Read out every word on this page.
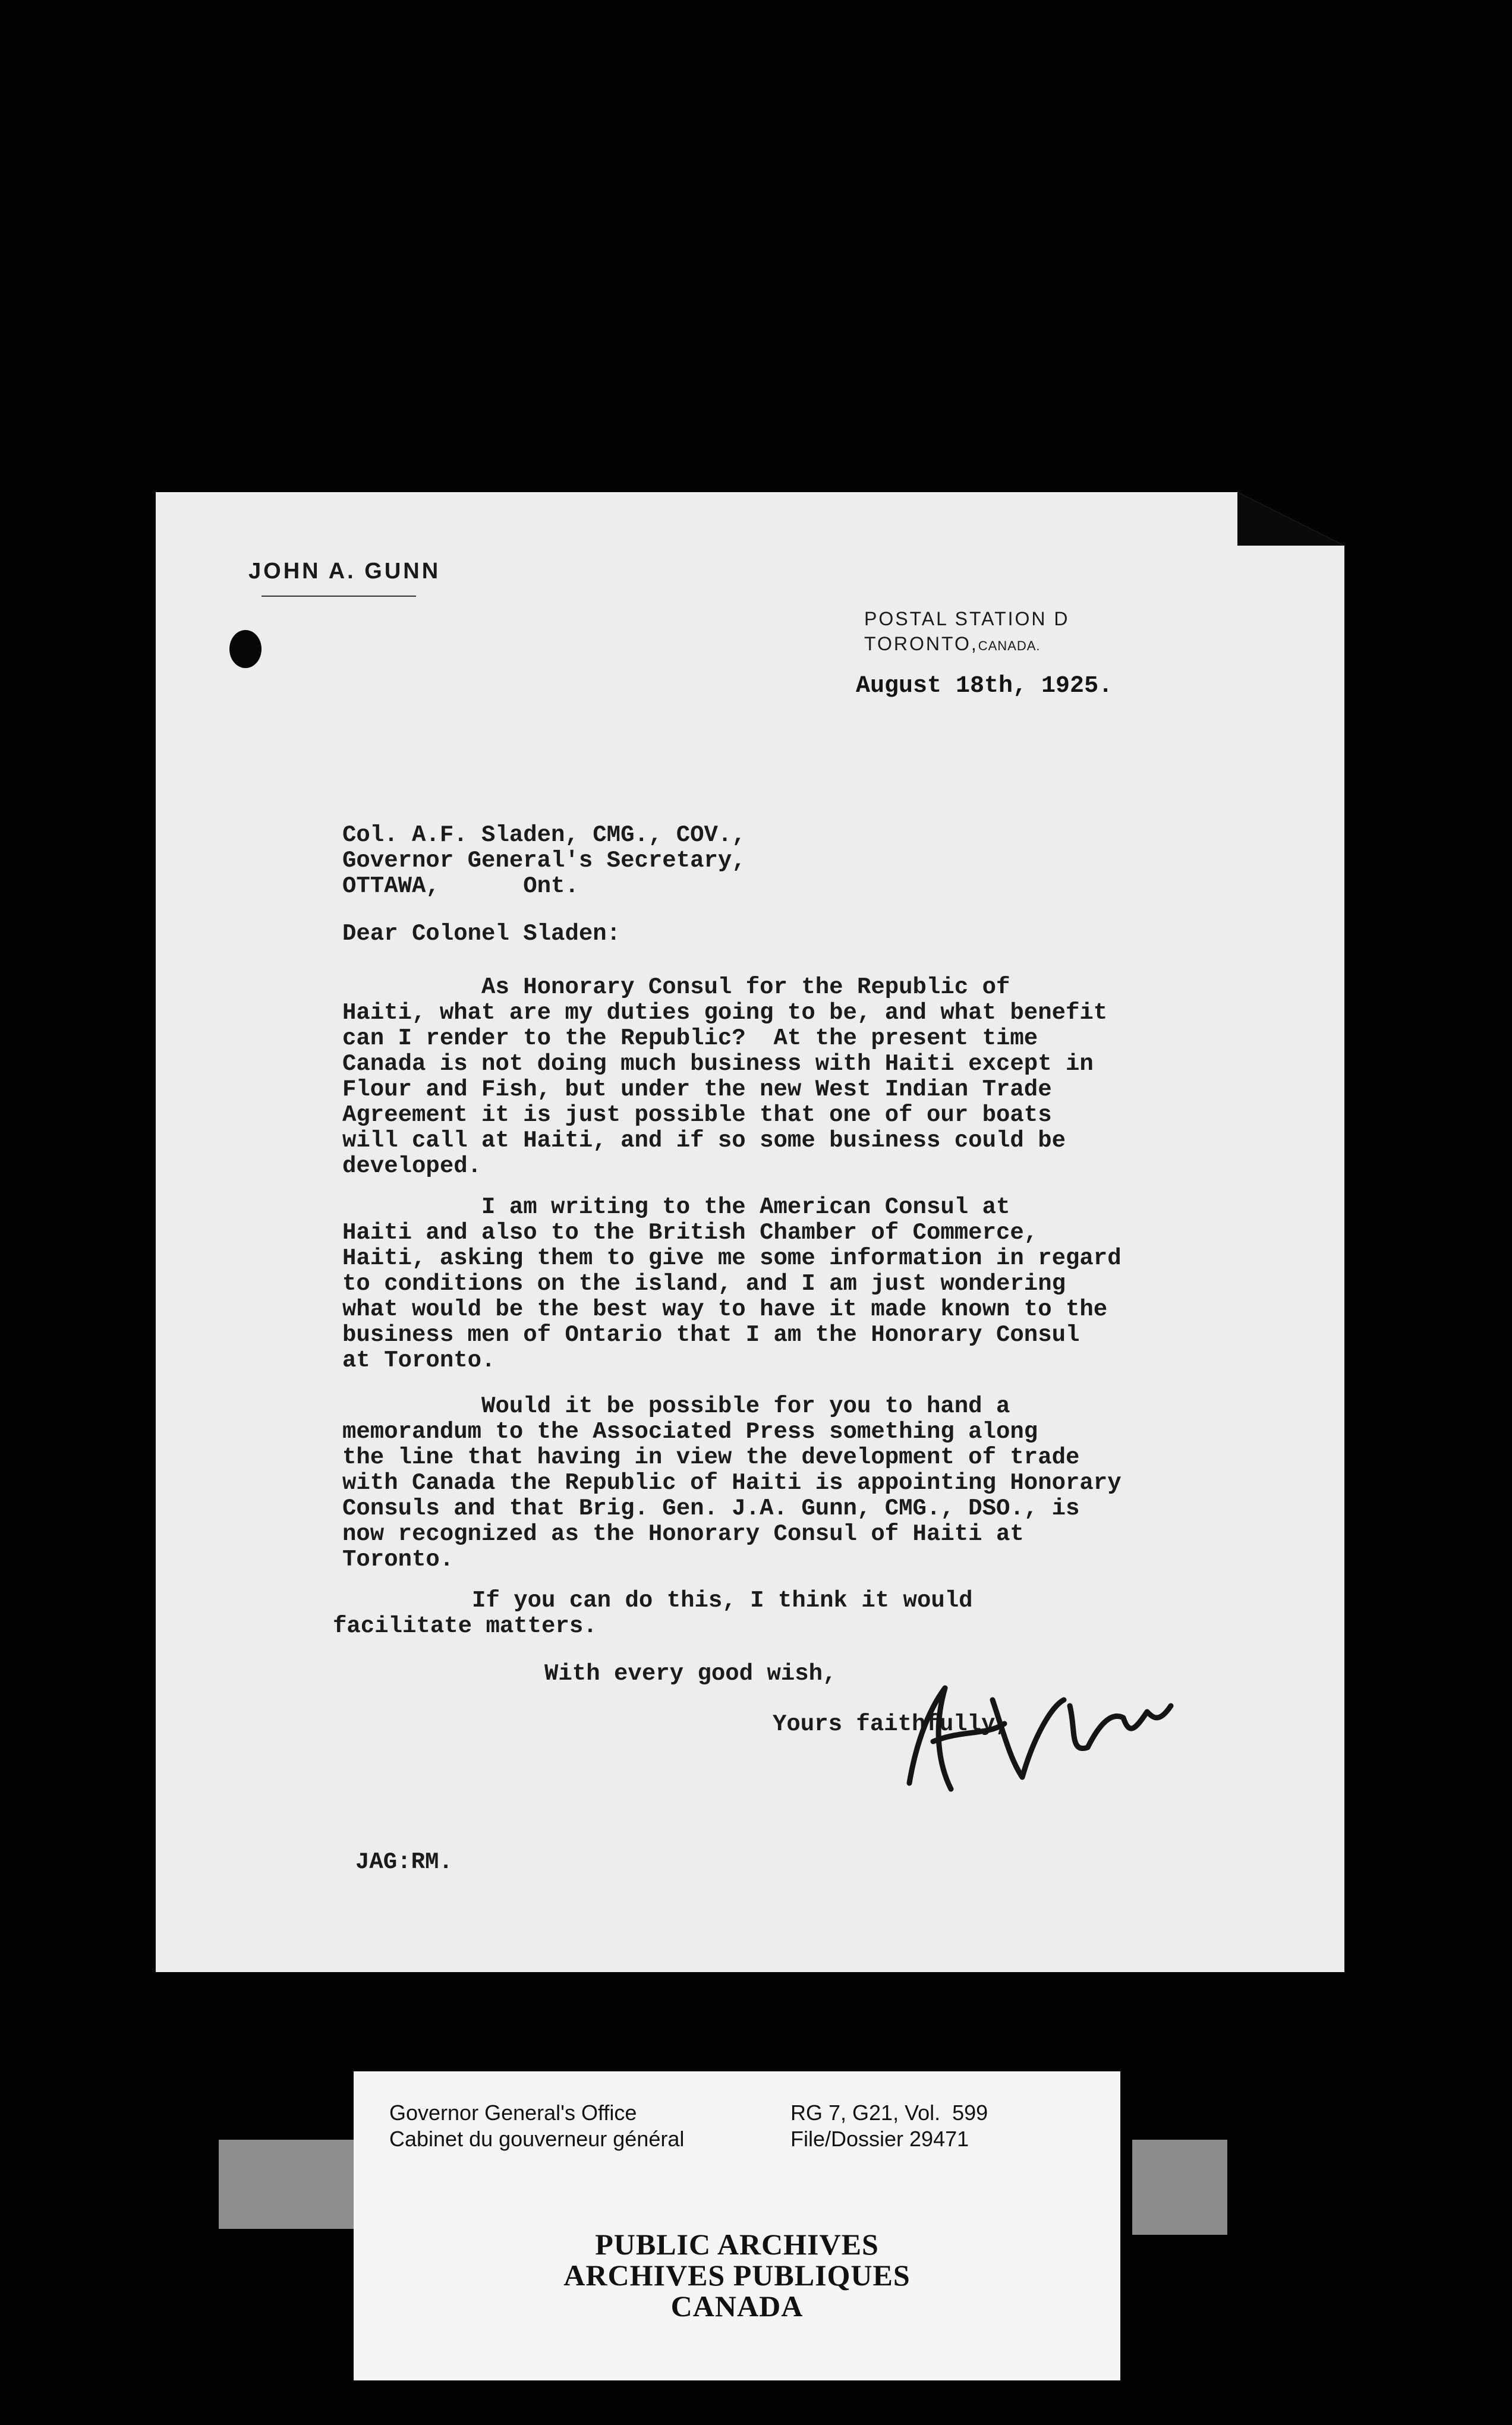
JOHN A. GUNN
POSTAL STATION D
TORONTO,CANADA.
August 18th, 1925.
Col. A.F. Sladen, CMG., COV.,
Governor General's Secretary,
OTTAWA,      Ont.
Dear Colonel Sladen:
As Honorary Consul for the Republic of
Haiti, what are my duties going to be, and what benefit
can I render to the Republic?  At the present time
Canada is not doing much business with Haiti except in
Flour and Fish, but under the new West Indian Trade
Agreement it is just possible that one of our boats
will call at Haiti, and if so some business could be
developed.
I am writing to the American Consul at
Haiti and also to the British Chamber of Commerce,
Haiti, asking them to give me some information in regard
to conditions on the island, and I am just wondering
what would be the best way to have it made known to the
business men of Ontario that I am the Honorary Consul
at Toronto.
Would it be possible for you to hand a
memorandum to the Associated Press something along
the line that having in view the development of trade
with Canada the Republic of Haiti is appointing Honorary
Consuls and that Brig. Gen. J.A. Gunn, CMG., DSO., is
now recognized as the Honorary Consul of Haiti at
Toronto.
If you can do this, I think it would
facilitate matters.
With every good wish,
Yours faithfully,
JAG:RM.
Governor General's Office
Cabinet du gouverneur général
RG 7, G21, Vol.  599
File/Dossier 29471
PUBLIC ARCHIVES
ARCHIVES PUBLIQUES
CANADA
